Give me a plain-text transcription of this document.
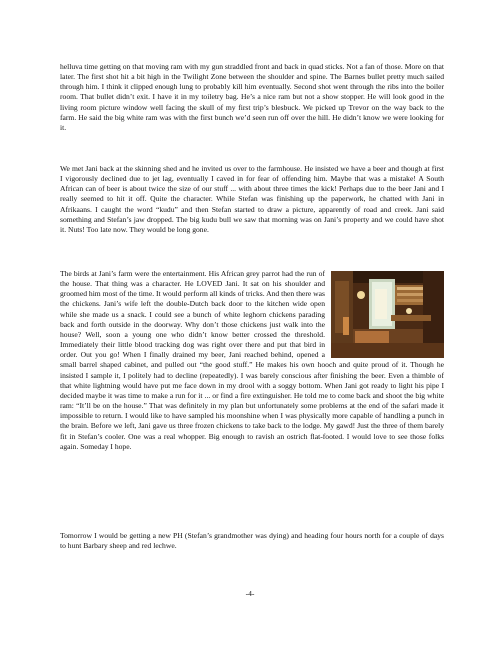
helluva time getting on that moving ram with my gun straddled front and back in quad sticks. Not a fan of those. More on that later. The first shot hit a bit high in the Twilight Zone between the shoulder and spine. The Barnes bullet pretty much sailed through him. I think it clipped enough lung to probably kill him eventually. Second shot went through the ribs into the boiler room. That bullet didn’t exit. I have it in my toiletry bag. He’s a nice ram but not a show stopper. He will look good in the living room picture window well facing the skull of my first trip’s blesbuck. We picked up Trevor on the way back to the farm. He said the big white ram was with the first bunch we’d seen run off over the hill. He didn’t know we were looking for it.

We met Jani back at the skinning shed and he invited us over to the farmhouse. He insisted we have a beer and though at first I vigorously declined due to jet lag, eventually I caved in for fear of offending him. Maybe that was a mistake! A South African can of beer is about twice the size of our stuff ... with about three times the kick! Perhaps due to the beer Jani and I really seemed to hit it off. Quite the character. While Stefan was finishing up the paperwork, he chatted with Jani in Afrikaans. I caught the word “kudu” and then Stefan started to draw a picture, apparently of road and creek. Jani said something and Stefan’s jaw dropped. The big kudu bull we saw that morning was on Jani’s property and we could have shot it. Nuts! Too late now. They would be long gone.

The birds at Jani’s farm were the entertainment. His African grey parrot had the run of the house. That thing was a character. He LOVED Jani. It sat on his shoulder and groomed him most of the time. It would perform all kinds of tricks. And then there was the chickens. Jani’s wife left the double-Dutch back door to the kitchen wide open while she made us a snack. I could see a bunch of white leghorn chickens parading back and forth outside in the doorway. Why don’t those chickens just walk into the house? Well, soon a young one who didn’t know better crossed the threshold. Immediately their little blood tracking dog was right over there and put that bird in order. Out you go! When I finally drained my beer, Jani reached behind, opened a small barrel shaped cabinet, and pulled out “the good stuff.” He makes his own hooch and quite proud of it. Though he insisted I sample it, I politely had to decline (repeatedly). I was barely conscious after finishing the beer. Even a thimble of that white lightning would have put me face down in my drool with a soggy bottom. When Jani got ready to light his pipe I decided maybe it was time to make a run for it ... or find a fire extinguisher. He told me to come back and shoot the big white ram: “It’ll be on the house.” That was definitely in my plan but unfortunately some problems at the end of the safari made it impossible to return. I would like to have sampled his moonshine when I was physically more capable of handling a punch in the brain. Before we left, Jani gave us three frozen chickens to take back to the lodge. My gawd! Just the three of them barely fit in Stefan’s cooler. One was a real whopper. Big enough to ravish an ostrich flat-footed. I would love to see those folks again. Someday I hope.

Tomorrow I would be getting a new PH (Stefan’s grandmother was dying) and heading four hours north for a couple of days to hunt Barbary sheep and red lechwe.

-4-
